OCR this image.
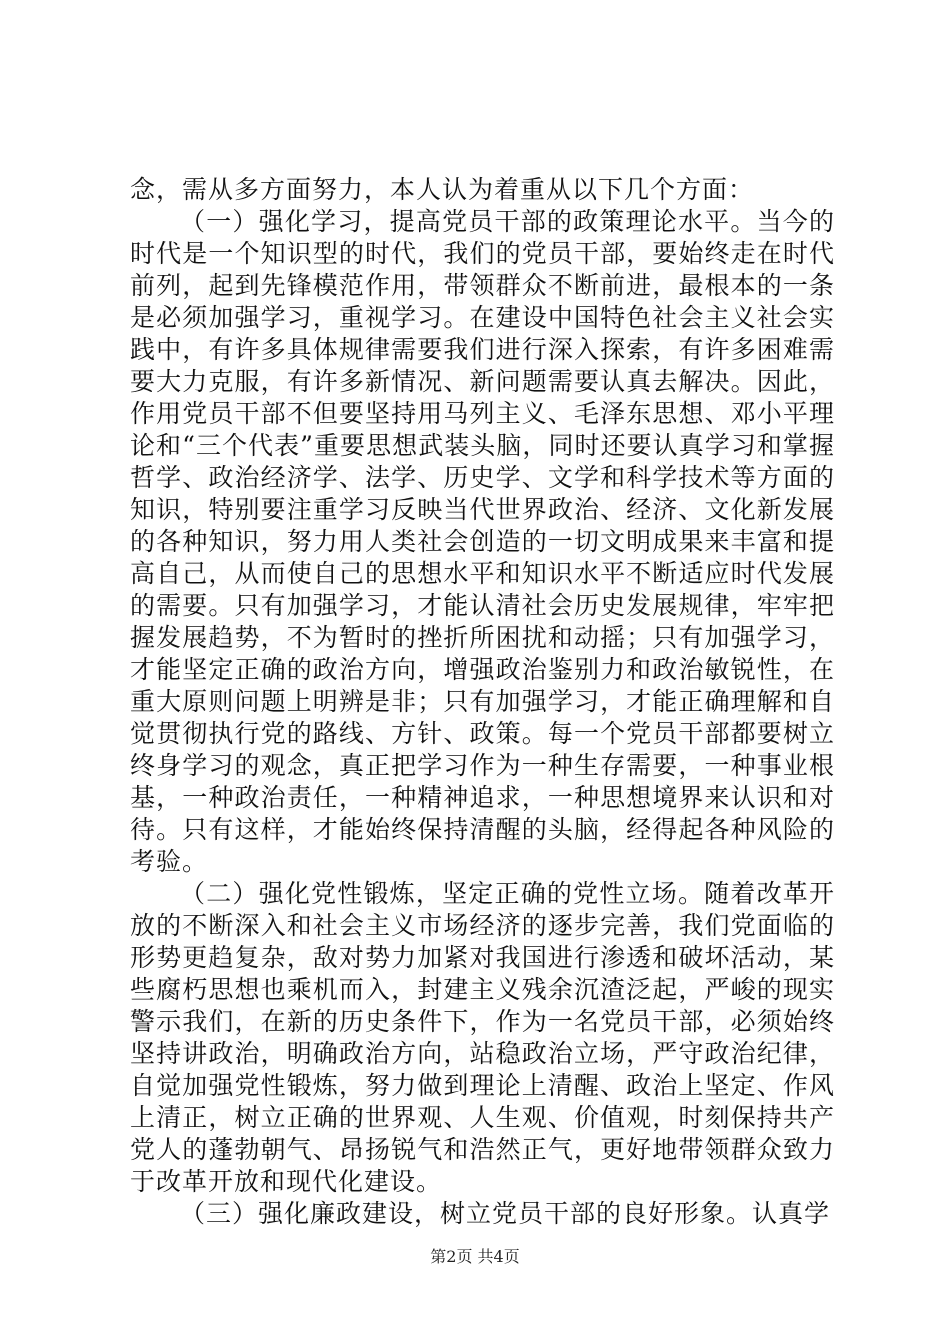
念，需从多方面努力，本人认为着重从以下几个方面：

（一）强化学习，提高党员干部的政策理论水平。当今的时代是一个知识型的时代，我们的党员干部，要始终走在时代前列，起到先锋模范作用，带领群众不断前进，最根本的一条是必须加强学习，重视学习。在建设中国特色社会主义社会实践中，有许多具体规律需要我们进行深入探索，有许多困难需要大力克服，有许多新情况、新问题需要认真去解决。因此，作用党员干部不但要坚持用马列主义、毛泽东思想、邓小平理论和“三个代表”重要思想武装头脑，同时还要认真学习和掌握哲学、政治经济学、法学、历史学、文学和科学技术等方面的知识，特别要注重学习反映当代世界政治、经济、文化新发展的各种知识，努力用人类社会创造的一切文明成果来丰富和提高自己，从而使自己的思想水平和知识水平不断适应时代发展的需要。只有加强学习，才能认清社会历史发展规律，牢牢把握发展趋势，不为暂时的挫折所困扰和动摇；只有加强学习，才能坚定正确的政治方向，增强政治鉴别力和政治敏锐性，在重大原则问题上明辨是非；只有加强学习，才能正确理解和自觉贯彻执行党的路线、方针、政策。每一个党员干部都要树立终身学习的观念，真正把学习作为一种生存需要，一种事业根基，一种政治责任，一种精神追求，一种思想境界来认识和对待。只有这样，才能始终保持清醒的头脑，经得起各种风险的考验。

（二）强化党性锻炼，坚定正确的党性立场。随着改革开放的不断深入和社会主义市场经济的逐步完善，我们党面临的形势更趋复杂，敌对势力加紧对我国进行渗透和破坏活动，某些腐朽思想也乘机而入，封建主义残余沉渣泛起，严峻的现实警示我们，在新的历史条件下，作为一名党员干部，必须始终坚持讲政治，明确政治方向，站稳政治立场，严守政治纪律，自觉加强党性锻炼，努力做到理论上清醒、政治上坚定、作风上清正，树立正确的世界观、人生观、价值观，时刻保持共产党人的蓬勃朝气、昂扬锐气和浩然正气，更好地带领群众致力于改革开放和现代化建设。

（三）强化廉政建设，树立党员干部的良好形象。认真学

第2页 共4页
